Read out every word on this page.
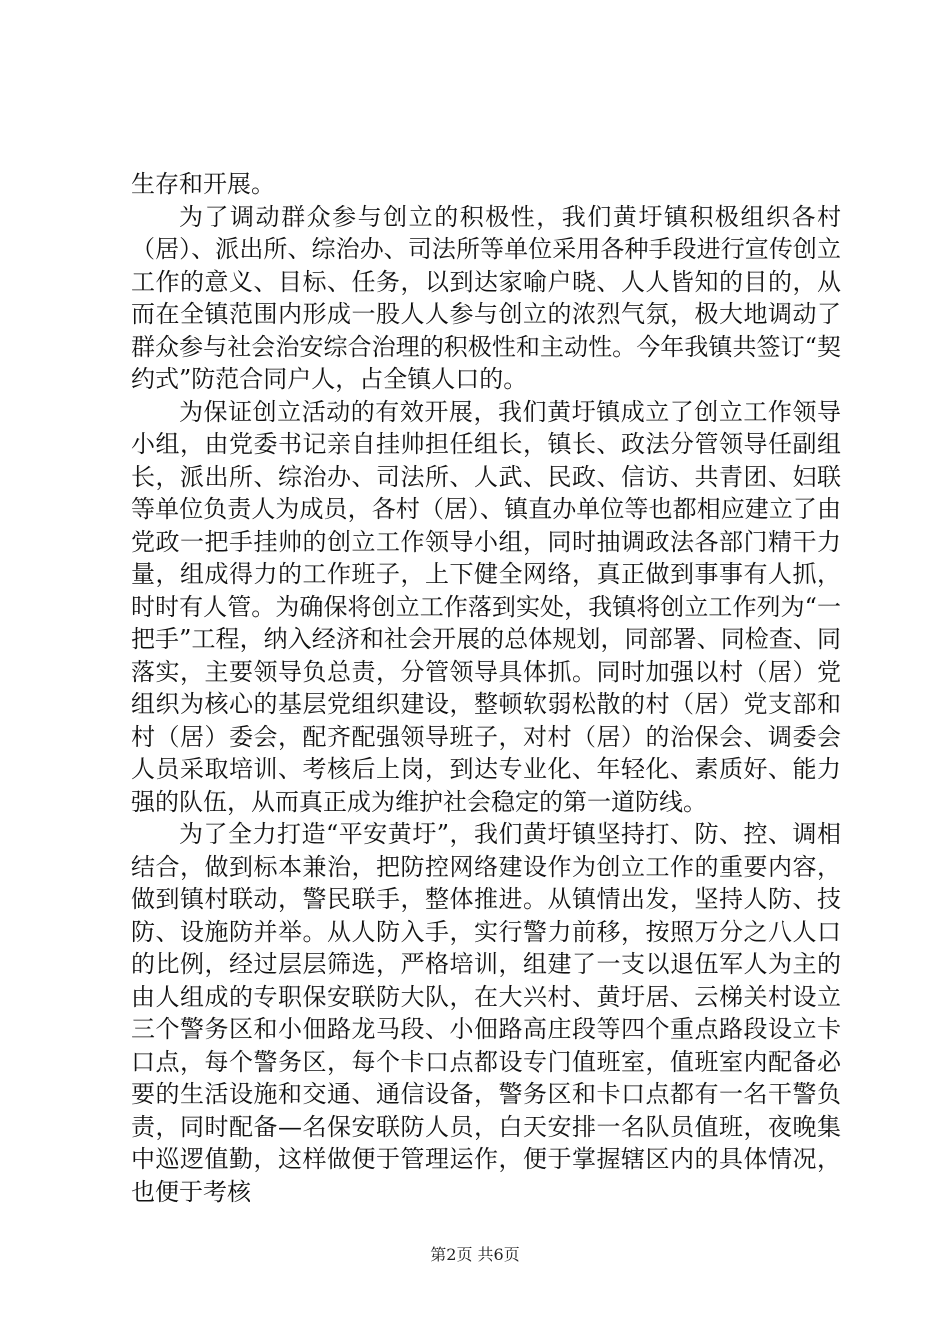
生存和开展。

为了调动群众参与创立的积极性，我们黄圩镇积极组织各村（居）、派出所、综治办、司法所等单位采用各种手段进行宣传创立工作的意义、目标、任务，以到达家喻户晓、人人皆知的目的，从而在全镇范围内形成一股人人参与创立的浓烈气氛，极大地调动了群众参与社会治安综合治理的积极性和主动性。今年我镇共签订“契约式”防范合同户人，占全镇人口的。

为保证创立活动的有效开展，我们黄圩镇成立了创立工作领导小组，由党委书记亲自挂帅担任组长，镇长、政法分管领导任副组长，派出所、综治办、司法所、人武、民政、信访、共青团、妇联等单位负责人为成员，各村（居）、镇直办单位等也都相应建立了由党政一把手挂帅的创立工作领导小组，同时抽调政法各部门精干力量，组成得力的工作班子，上下健全网络，真正做到事事有人抓，时时有人管。为确保将创立工作落到实处，我镇将创立工作列为“一把手”工程，纳入经济和社会开展的总体规划，同部署、同检查、同落实，主要领导负总责，分管领导具体抓。同时加强以村（居）党组织为核心的基层党组织建设，整顿软弱松散的村（居）党支部和村（居）委会，配齐配强领导班子，对村（居）的治保会、调委会人员采取培训、考核后上岗，到达专业化、年轻化、素质好、能力强的队伍，从而真正成为维护社会稳定的第一道防线。

为了全力打造“平安黄圩”，我们黄圩镇坚持打、防、控、调相结合，做到标本兼治，把防控网络建设作为创立工作的重要内容，做到镇村联动，警民联手，整体推进。从镇情出发，坚持人防、技防、设施防并举。从人防入手，实行警力前移，按照万分之八人口的比例，经过层层筛选，严格培训，组建了一支以退伍军人为主的由人组成的专职保安联防大队，在大兴村、黄圩居、云梯关村设立三个警务区和小佃路龙马段、小佃路高庄段等四个重点路段设立卡口点，每个警务区，每个卡口点都设专门值班室，值班室内配备必要的生活设施和交通、通信设备，警务区和卡口点都有一名干警负责，同时配备—名保安联防人员，白天安排一名队员值班，夜晚集中巡逻值勤，这样做便于管理运作，便于掌握辖区内的具体情况，也便于考核

第2页 共6页
